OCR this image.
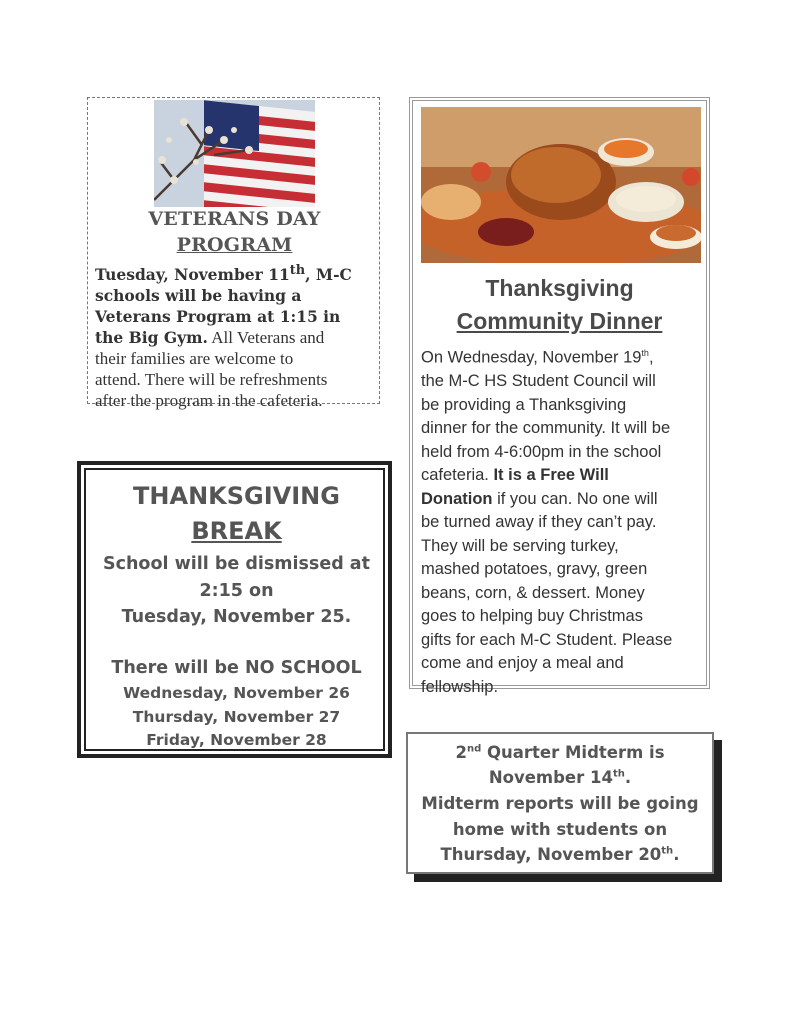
VETERANS DAY
PROGRAM
Tuesday, November 11th, M-C
schools will be having a
Veterans Program at 1:15 in
the Big Gym. All Veterans and
their families are welcome to
attend. There will be refreshments
after the program in the cafeteria.
Thanksgiving
Community Dinner
On Wednesday, November 19th,
the M-C HS Student Council will
be providing a Thanksgiving
dinner for the community. It will be
held from 4-6:00pm in the school
cafeteria. It is a Free Will
Donation if you can. No one will
be turned away if they can’t pay.
They will be serving turkey,
mashed potatoes, gravy, green
beans, corn, & dessert. Money
goes to helping buy Christmas
gifts for each M-C Student. Please
come and enjoy a meal and
fellowship.
THANKSGIVING
BREAK
School will be dismissed at
2:15 on
Tuesday, November 25.
There will be NO SCHOOL
Wednesday, November 26
Thursday, November 27
Friday, November 28
2nd Quarter Midterm is
November 14th.
Midterm reports will be going
home with students on
Thursday, November 20th.
